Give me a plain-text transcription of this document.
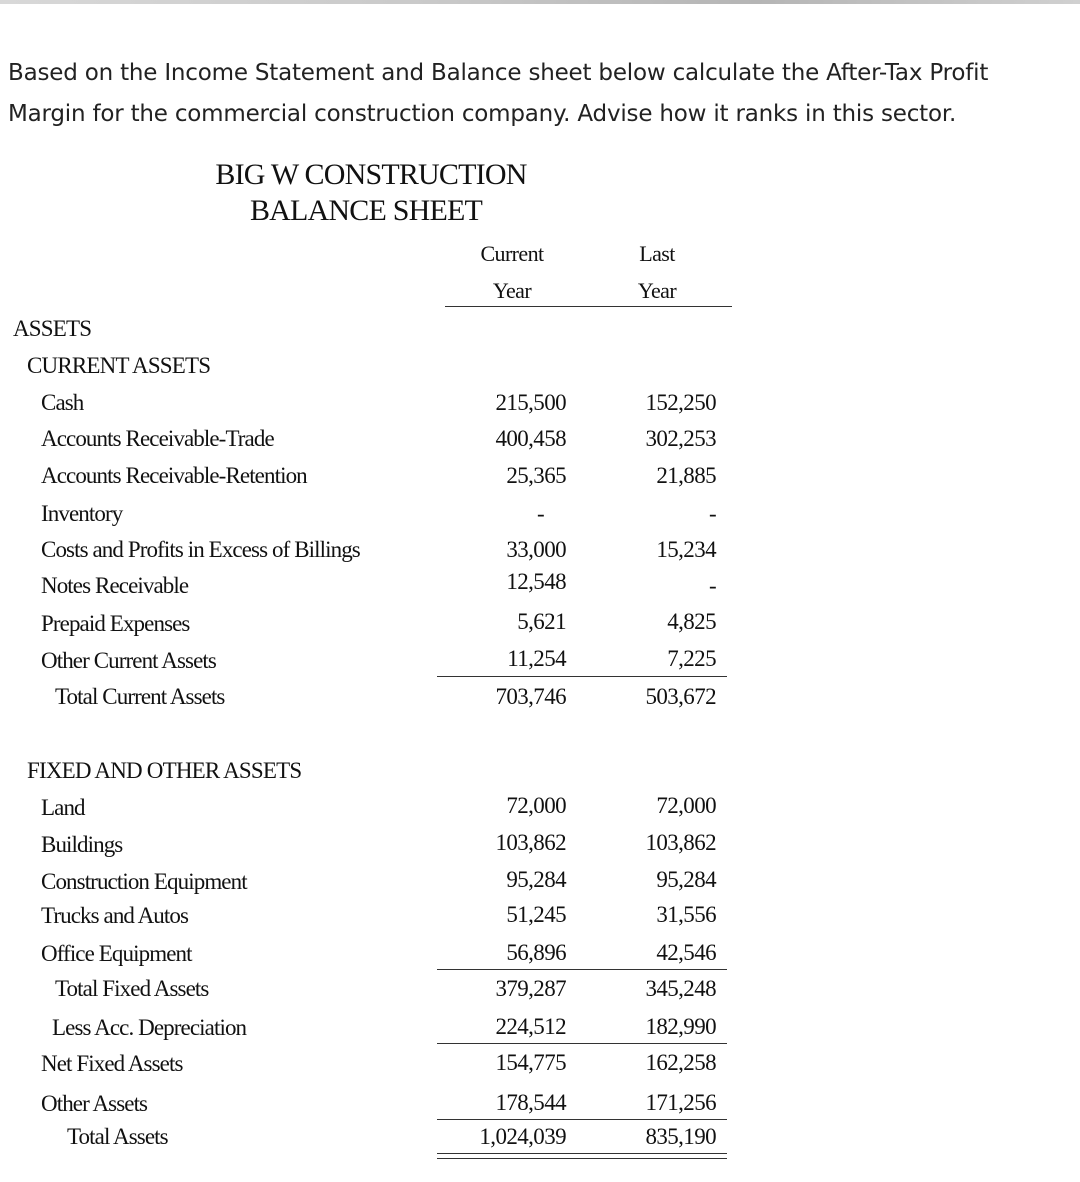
Based on the Income Statement and Balance sheet below calculate the After-Tax Profit
Margin for the commercial construction company. Advise how it ranks in this sector.
BIG W CONSTRUCTION
BALANCE SHEET
Current
Year
Last
Year
ASSETS
CURRENT ASSETS
Cash	215,500	152,250
Accounts Receivable-Trade	400,458	302,253
Accounts Receivable-Retention	25,365	21,885
Inventory	-	-
Costs and Profits in Excess of Billings	33,000	15,234
Notes Receivable	12,548	-
Prepaid Expenses	5,621	4,825
Other Current Assets	11,254	7,225
Total Current Assets	703,746	503,672
FIXED AND OTHER ASSETS
Land	72,000	72,000
Buildings	103,862	103,862
Construction Equipment	95,284	95,284
Trucks and Autos	51,245	31,556
Office Equipment	56,896	42,546
Total Fixed Assets	379,287	345,248
Less Acc. Depreciation	224,512	182,990
Net Fixed Assets	154,775	162,258
Other Assets	178,544	171,256
Total Assets	1,024,039	835,190
